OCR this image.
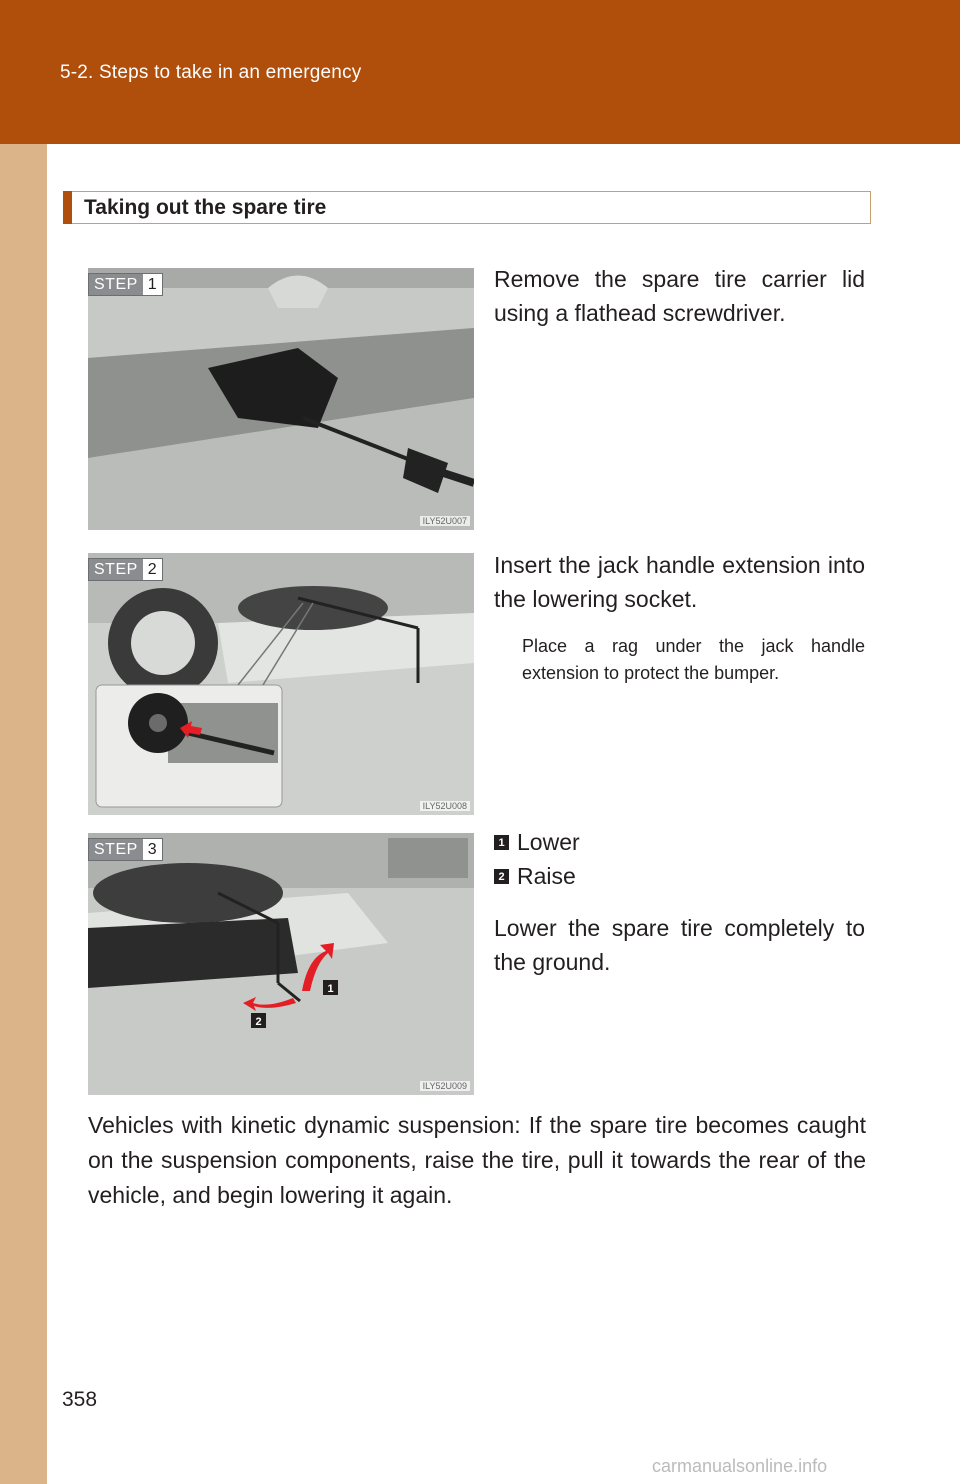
5-2. Steps to take in an emergency
Taking out the spare tire
STEP 1
ILY52U007
Remove the spare tire carrier lid using a flathead screwdriver.
STEP 2
ILY52U008
Insert the jack handle extension into the lowering socket.
Place a rag under the jack handle extension to protect the bumper.
1
2
STEP 3
ILY52U009
1 Lower
2 Raise
Lower the spare tire completely to the ground.
Vehicles with kinetic dynamic suspension: If the spare tire becomes caught on the suspension components, raise the tire, pull it towards the rear of the vehicle, and begin lowering it again.
358
carmanualsonline.info
